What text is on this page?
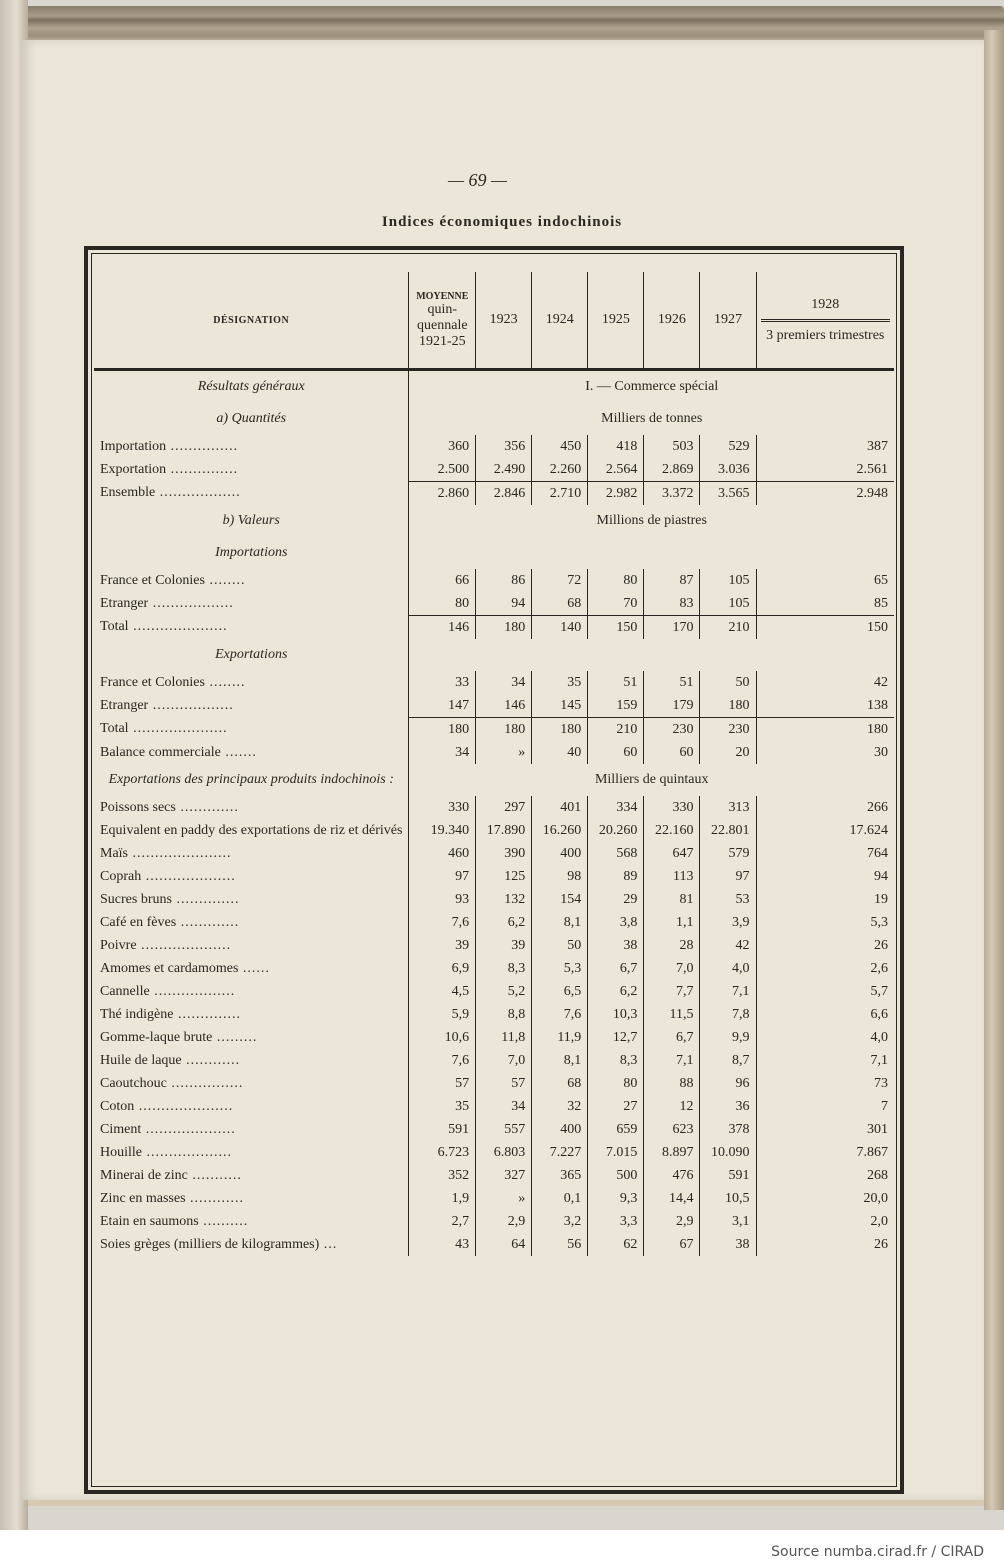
— 69 —
Indices économiques indochinois
DÉSIGNATION	MOYENNE
quin-
quennale
1921-25	1923	1924	1925	1926	1927	1928
3 premiers trimestres
Résultats généraux	I. — Commerce spécial						
a) Quantités	Milliers de tonnes						
Importation ...............	360	356	450	418	503	529	387
Exportation ...............	2.500	2.490	2.260	2.564	2.869	3.036	2.561
Ensemble ..................	2.860	2.846	2.710	2.982	3.372	3.565	2.948
b) Valeurs	Millions de piastres						
Importations							
France et Colonies ........	66	86	72	80	87	105	65
Etranger ..................	80	94	68	70	83	105	85
Total .....................	146	180	140	150	170	210	150
Exportations							
France et Colonies ........	33	34	35	51	51	50	42
Etranger ..................	147	146	145	159	179	180	138
Total .....................	180	180	180	210	230	230	180
Balance commerciale .......	34	»	40	60	60	20	30
Exportations des principaux produits indochinois :	Milliers de quintaux						
Poissons secs .............	330	297	401	334	330	313	266
Equivalent en paddy des exportations de riz et dérivés	19.340	17.890	16.260	20.260	22.160	22.801	17.624
Maïs ......................	460	390	400	568	647	579	764
Coprah ....................	97	125	98	89	113	97	94
Sucres bruns ..............	93	132	154	29	81	53	19
Café en fèves .............	7,6	6,2	8,1	3,8	1,1	3,9	5,3
Poivre ....................	39	39	50	38	28	42	26
Amomes et cardamomes ......	6,9	8,3	5,3	6,7	7,0	4,0	2,6
Cannelle ..................	4,5	5,2	6,5	6,2	7,7	7,1	5,7
Thé indigène ..............	5,9	8,8	7,6	10,3	11,5	7,8	6,6
Gomme-laque brute .........	10,6	11,8	11,9	12,7	6,7	9,9	4,0
Huile de laque ............	7,6	7,0	8,1	8,3	7,1	8,7	7,1
Caoutchouc ................	57	57	68	80	88	96	73
Coton .....................	35	34	32	27	12	36	7
Ciment ....................	591	557	400	659	623	378	301
Houille ...................	6.723	6.803	7.227	7.015	8.897	10.090	7.867
Minerai de zinc ...........	352	327	365	500	476	591	268
Zinc en masses ............	1,9	»	0,1	9,3	14,4	10,5	20,0
Etain en saumons ..........	2,7	2,9	3,2	3,3	2,9	3,1	2,0
Soies grèges (milliers de kilogrammes) ...	43	64	56	62	67	38	26
Source numba.cirad.fr / CIRAD
